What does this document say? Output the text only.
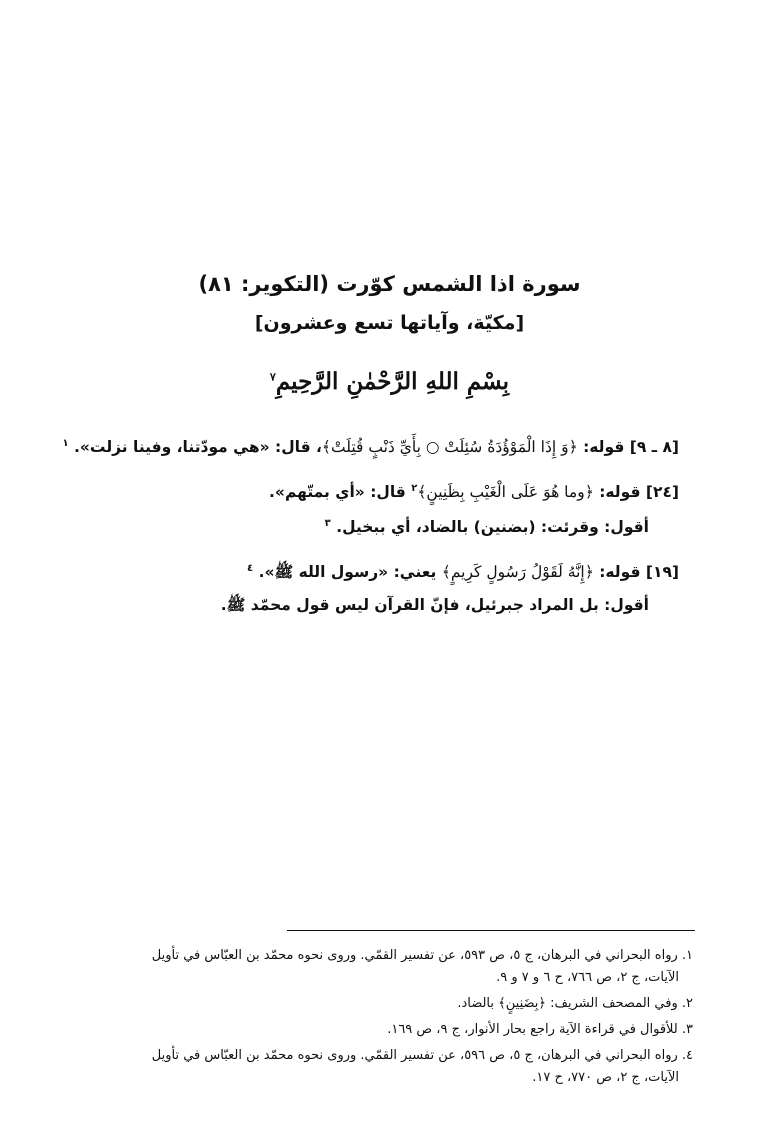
سورة اذا الشمس كوّرت (التكوير: ٨١)
[مكيّة، وآياتها تسع وعشرون]
بِسْمِ اللهِ الرَّحْمٰنِ الرَّحِيمِ$^٧$
[٨ ـ ٩] قوله: ﴿وَ إِذَا الْمَوْؤُدَةُ سُئِلَتْ ○ بِأَيِّ ذَنْبٍ قُتِلَتْ﴾، قال: «هي مودّتنا، وفينا نزلت». $^١$
[٢٤] قوله: ﴿وما هُوَ عَلَى الْغَيْبِ بِظَنِينٍ﴾$^٢$ قال: «أي بمتّهم».
أقول: وقرئت: (بضنين) بالضاد، أي ببخيل. $^٣$
[١٩] قوله: ﴿إِنَّهُ لَقَوْلُ رَسُولٍ كَرِيمٍ﴾ يعني: «رسول الله ﷺ». $^٤$
أقول: بل المراد جبرئيل، فإنّ القرآن ليس قول محمّد ﷺ.
١. رواه البحراني في البرهان، ج ٥، ص ٥٩٣، عن تفسير القمّي. وروى نحوه محمّد بن العبّاس في تأويل
الآيات، ج ٢، ص ٧٦٦، ح ٦ و ٧ و ٩.
٢. وفي المصحف الشريف: ﴿بِضَنِينٍ﴾ بالضاد.
٣. للأقوال في قراءة الآية راجع بحار الأنوار، ج ٩، ص ١٦٩.
٤. رواه البحراني في البرهان، ج ٥، ص ٥٩٦، عن تفسير القمّي. وروى نحوه محمّد بن العبّاس في تأويل
الآيات، ج ٢، ص ٧٧٠، ح ١٧.
